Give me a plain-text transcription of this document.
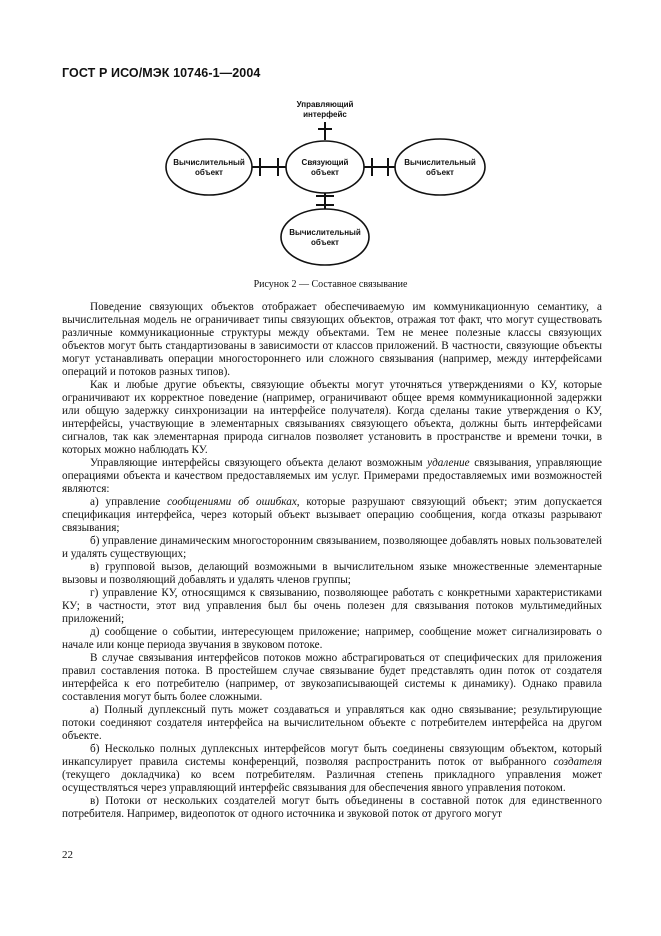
ГОСТ Р ИСО/МЭК 10746-1—2004
Управляющий
интерфейс
Связующий
объект
Вычислительный
объект
Вычислительный
объект
Вычислительный
объект
Рисунок 2 — Составное связывание

Поведение связующих объектов отображает обеспечиваемую им коммуникационную семантику, а вычислительная модель не ограничивает типы связующих объектов, отражая тот факт, что могут существовать различные коммуникационные структуры между объектами. Тем не менее полезные классы связующих объектов могут быть стандартизованы в зависимости от классов приложений. В частности, связующие объекты могут устанавливать операции многостороннего или сложного связывания (например, между интерфейсами операций и потоков разных типов).

Как и любые другие объекты, связующие объекты могут уточняться утверждениями о КУ, которые ограничивают их корректное поведение (например, ограничивают общее время коммуникационной задержки или общую задержку синхронизации на интерфейсе получателя). Когда сделаны такие утверждения о КУ, интерфейсы, участвующие в элементарных связываниях связующего объекта, должны быть интерфейсами сигналов, так как элементарная природа сигналов позволяет установить в пространстве и времени точки, в которых можно наблюдать КУ.

Управляющие интерфейсы связующего объекта делают возможным удаление связывания, управляющие операциями объекта и качеством предоставляемых им услуг. Примерами предоставляемых ими возможностей являются:

а) управление сообщениями об ошибках, которые разрушают связующий объект; этим допускается спецификация интерфейса, через который объект вызывает операцию сообщения, когда отказы разрывают связывания;

б) управление динамическим многосторонним связыванием, позволяющее добавлять новых пользователей и удалять существующих;

в) групповой вызов, делающий возможными в вычислительном языке множественные элементарные вызовы и позволяющий добавлять и удалять членов группы;

г) управление КУ, относящимся к связыванию, позволяющее работать с конкретными характеристиками КУ; в частности, этот вид управления был бы очень полезен для связывания потоков мультимедийных приложений;

д) сообщение о событии, интересующем приложение; например, сообщение может сигнализировать о начале или конце периода звучания в звуковом потоке.

В случае связывания интерфейсов потоков можно абстрагироваться от специфических для приложения правил составления потока. В простейшем случае связывание будет представлять один поток от создателя интерфейса к его потребителю (например, от звукозаписывающей системы к динамику). Однако правила составления могут быть более сложными.

а) Полный дуплексный путь может создаваться и управляться как одно связывание; результирующие потоки соединяют создателя интерфейса на вычислительном объекте с потребителем интерфейса на другом объекте.

б) Несколько полных дуплексных интерфейсов могут быть соединены связующим объектом, который инкапсулирует правила системы конференций, позволяя распространить поток от выбранного создателя (текущего докладчика) ко всем потребителям. Различная степень прикладного управления может осуществляться через управляющий интерфейс связывания для обеспечения явного управления потоком.

в) Потоки от нескольких создателей могут быть объединены в составной поток для единственного потребителя. Например, видеопоток от одного источника и звуковой поток от другого могут

22
